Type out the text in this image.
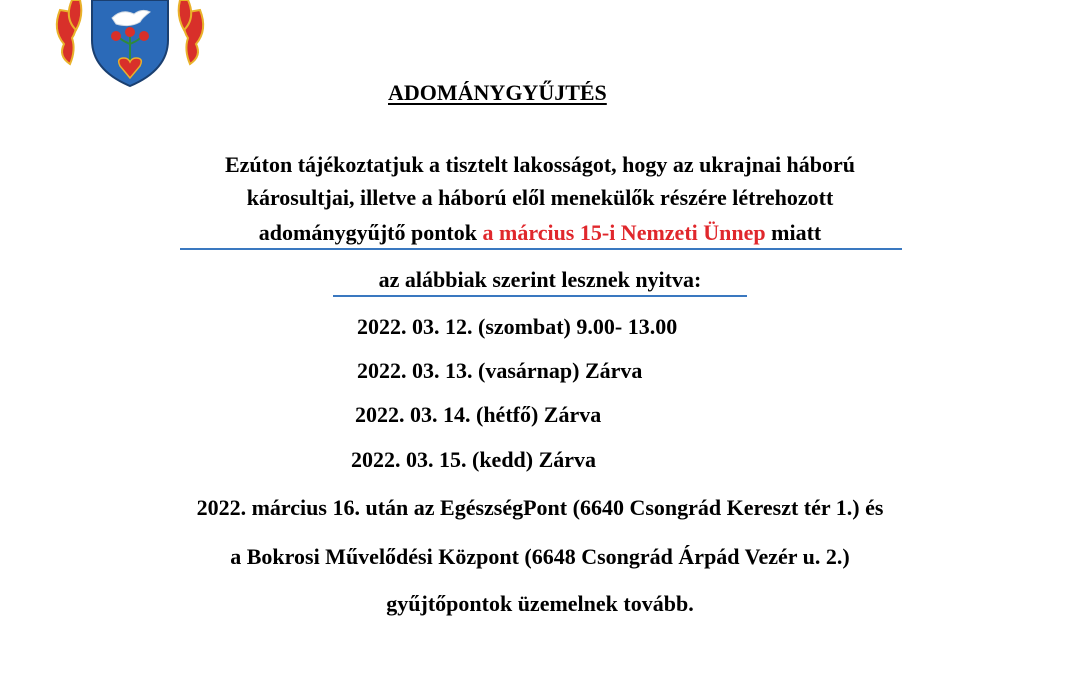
ADOMÁNYGYŰJTÉS
Ezúton tájékoztatjuk a tisztelt lakosságot, hogy az ukrajnai háború
károsultjai, illetve a háború elől menekülők részére létrehozott
adománygyűjtő pontok a március 15-i Nemzeti Ünnep miatt
az alábbiak szerint lesznek nyitva:
2022. 03. 12. (szombat) 9.00- 13.00
2022. 03. 13. (vasárnap) Zárva
2022. 03. 14. (hétfő) Zárva
2022. 03. 15. (kedd) Zárva
2022. március 16. után az EgészségPont (6640 Csongrád Kereszt tér 1.) és
a Bokrosi Művelődési Központ (6648 Csongrád Árpád Vezér u. 2.)
gyűjtőpontok üzemelnek tovább.
